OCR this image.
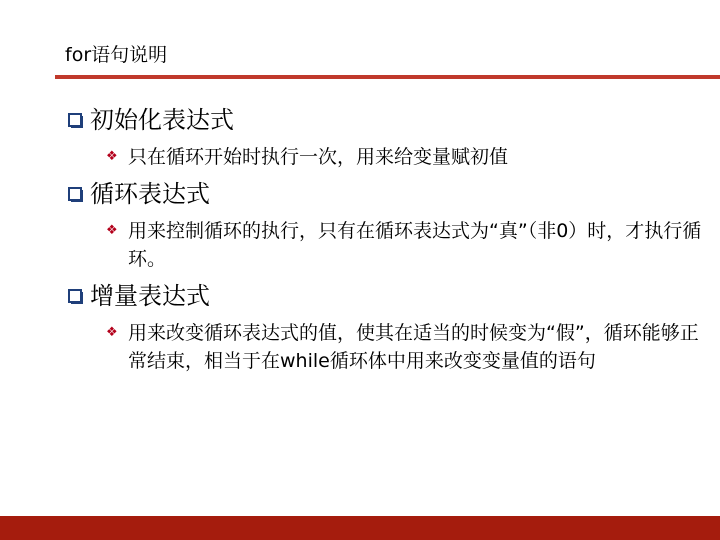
for语句说明
初始化表达式
❖ 只在循环开始时执行一次，用来给变量赋初值
循环表达式
❖ 用来控制循环的执行，只有在循环表达式为“真”（非0）时，才执行循环。
增量表达式
❖ 用来改变循环表达式的值，使其在适当的时候变为“假”，循环能够正常结束，相当于在while循环体中用来改变变量值的语句
